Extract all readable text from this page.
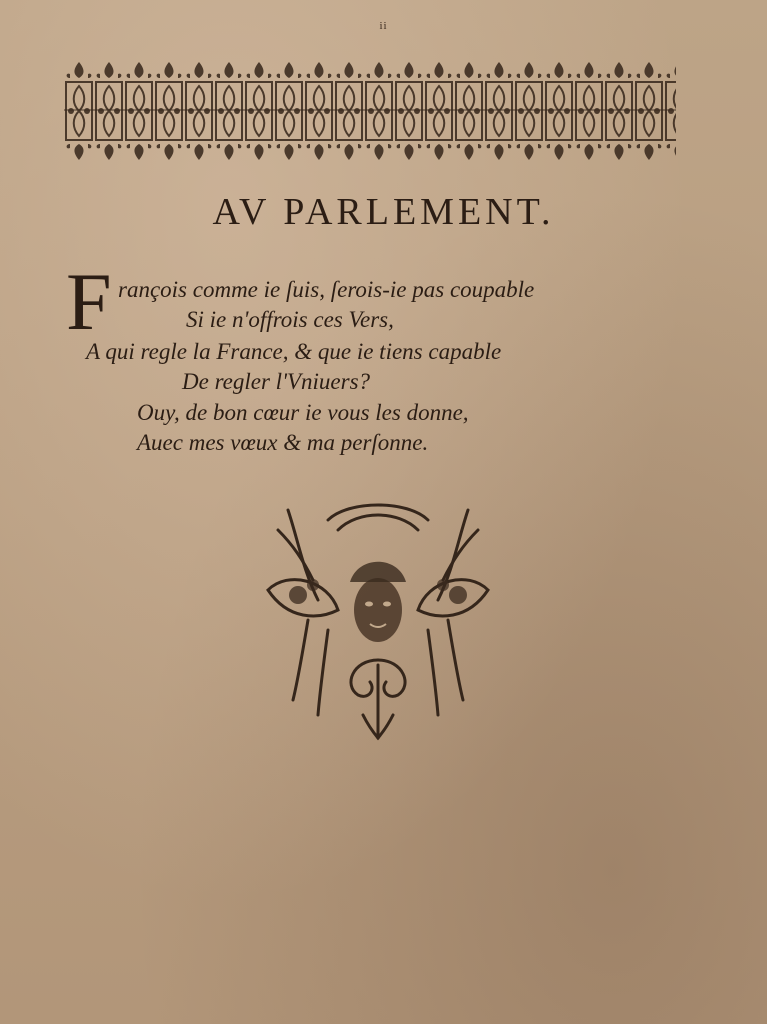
ii
AV PARLEMENT.
F rançois comme ie ſuis, ſerois-ie pas coupable
Si ie n'offrois ces Vers,
A qui regle la France, & que ie tiens capable
De regler l'Vniuers?
Ouy, de bon cœur ie vous les donne,
Auec mes vœux & ma perſonne.
